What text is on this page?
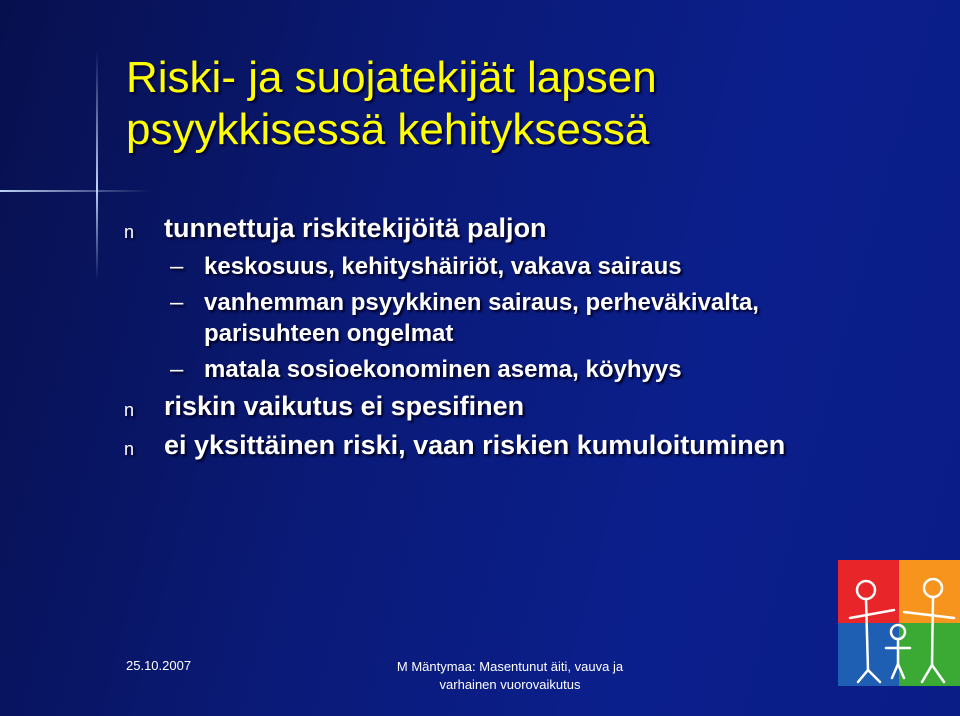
Riski- ja suojatekijät lapsen
psyykkisessä kehityksessä
n tunnettuja riskitekijöitä paljon
– keskosuus, kehityshäiriöt, vakava sairaus
– vanhemman psyykkinen sairaus, perheväkivalta, parisuhteen ongelmat
– matala sosioekonominen asema, köyhyys
n riskin vaikutus ei spesifinen
n ei yksittäinen riski, vaan riskien kumuloituminen
25.10.2007	M Mäntymaa: Masentunut äiti, vauva ja
varhainen vuorovaikutus
